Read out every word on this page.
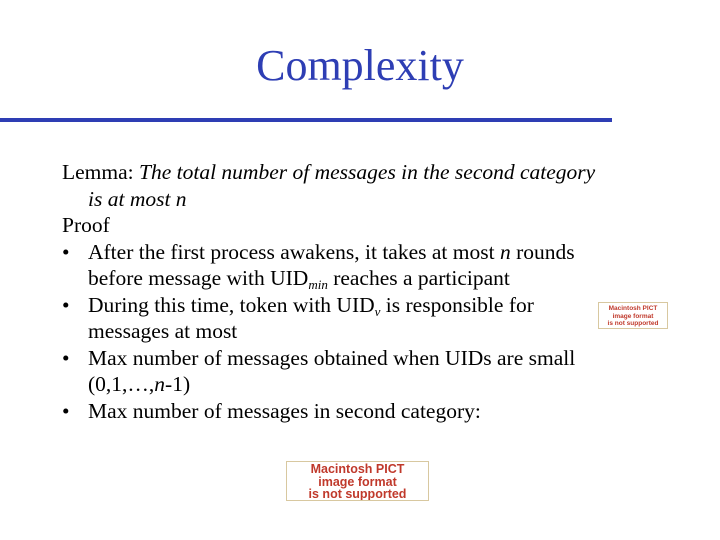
Complexity
Lemma: The total number of messages in the second category
is at most n
Proof
• After the first process awakens, it takes at most n rounds
before message with $UID_{min}$ reaches a participant
• During this time, token with $UID_v$ is responsible for
messages at most
• Max number of messages obtained when UIDs are small
(0,1,…,n-1)
• Max number of messages in second category:
Macintosh PICT
image format
is not supported
Macintosh PICT
image format
is not supported
